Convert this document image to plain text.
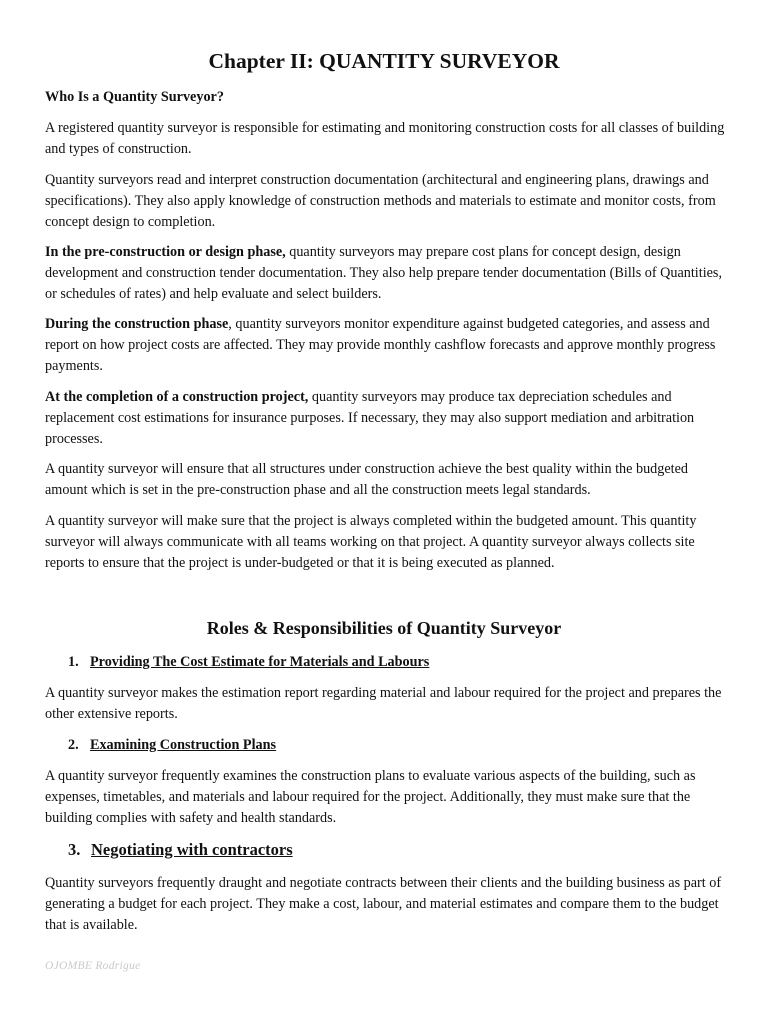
Chapter II: QUANTITY SURVEYOR

Who Is a Quantity Surveyor?

A registered quantity surveyor is responsible for estimating and monitoring construction costs for all classes of building and types of construction.

Quantity surveyors read and interpret construction documentation (architectural and engineering plans, drawings and specifications). They also apply knowledge of construction methods and materials to estimate and monitor costs, from concept design to completion.

In the pre-construction or design phase, quantity surveyors may prepare cost plans for concept design, design development and construction tender documentation. They also help prepare tender documentation (Bills of Quantities, or schedules of rates) and help evaluate and select builders.

During the construction phase, quantity surveyors monitor expenditure against budgeted categories, and assess and report on how project costs are affected. They may provide monthly cashflow forecasts and approve monthly progress payments.

At the completion of a construction project, quantity surveyors may produce tax depreciation schedules and replacement cost estimations for insurance purposes. If necessary, they may also support mediation and arbitration processes.

A quantity surveyor will ensure that all structures under construction achieve the best quality within the budgeted amount which is set in the pre-construction phase and all the construction meets legal standards.

A quantity surveyor will make sure that the project is always completed within the budgeted amount. This quantity surveyor will always communicate with all teams working on that project. A quantity surveyor always collects site reports to ensure that the project is under-budgeted or that it is being executed as planned.

Roles & Responsibilities of Quantity Surveyor

1. Providing The Cost Estimate for Materials and Labours

A quantity surveyor makes the estimation report regarding material and labour required for the project and prepares the other extensive reports.

2. Examining Construction Plans

A quantity surveyor frequently examines the construction plans to evaluate various aspects of the building, such as expenses, timetables, and materials and labour required for the project. Additionally, they must make sure that the building complies with safety and health standards.

3. Negotiating with contractors

Quantity surveyors frequently draught and negotiate contracts between their clients and the building business as part of generating a budget for each project. They make a cost, labour, and material estimates and compare them to the budget that is available.

OJOMBE Rodrigue
